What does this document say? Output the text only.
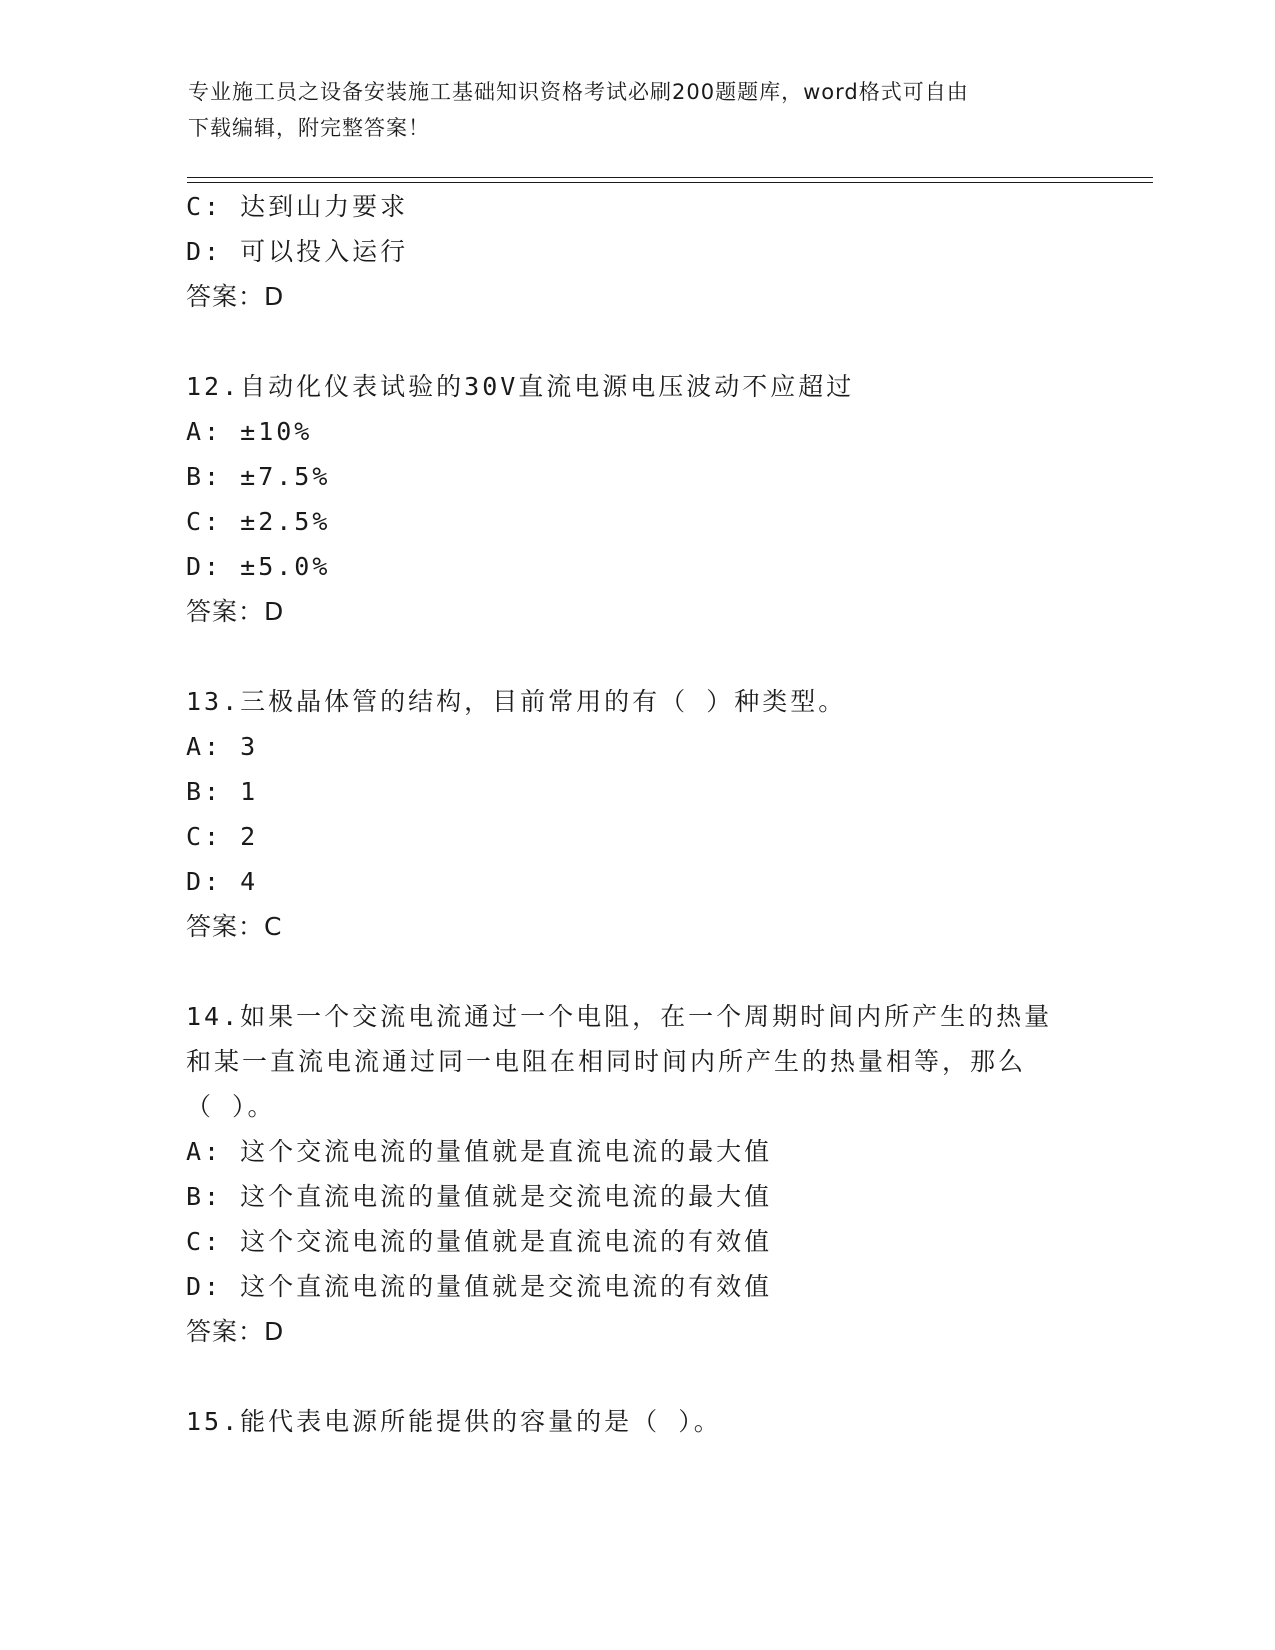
专业施工员之设备安装施工基础知识资格考试必刷200题题库，word格式可自由
下载编辑，附完整答案！
C: 达到山力要求
D: 可以投入运行
答案：D
12.自动化仪表试验的30V直流电源电压波动不应超过
A: ±10%
B: ±7.5%
C: ±2.5%
D: ±5.0%
答案：D
13.三极晶体管的结构，目前常用的有（ ）种类型。
A: 3
B: 1
C: 2
D: 4
答案：C
14.如果一个交流电流通过一个电阻，在一个周期时间内所产生的热量
和某一直流电流通过同一电阻在相同时间内所产生的热量相等，那么
（ ）。
A: 这个交流电流的量值就是直流电流的最大值
B: 这个直流电流的量值就是交流电流的最大值
C: 这个交流电流的量值就是直流电流的有效值
D: 这个直流电流的量值就是交流电流的有效值
答案：D
15.能代表电源所能提供的容量的是（ ）。
